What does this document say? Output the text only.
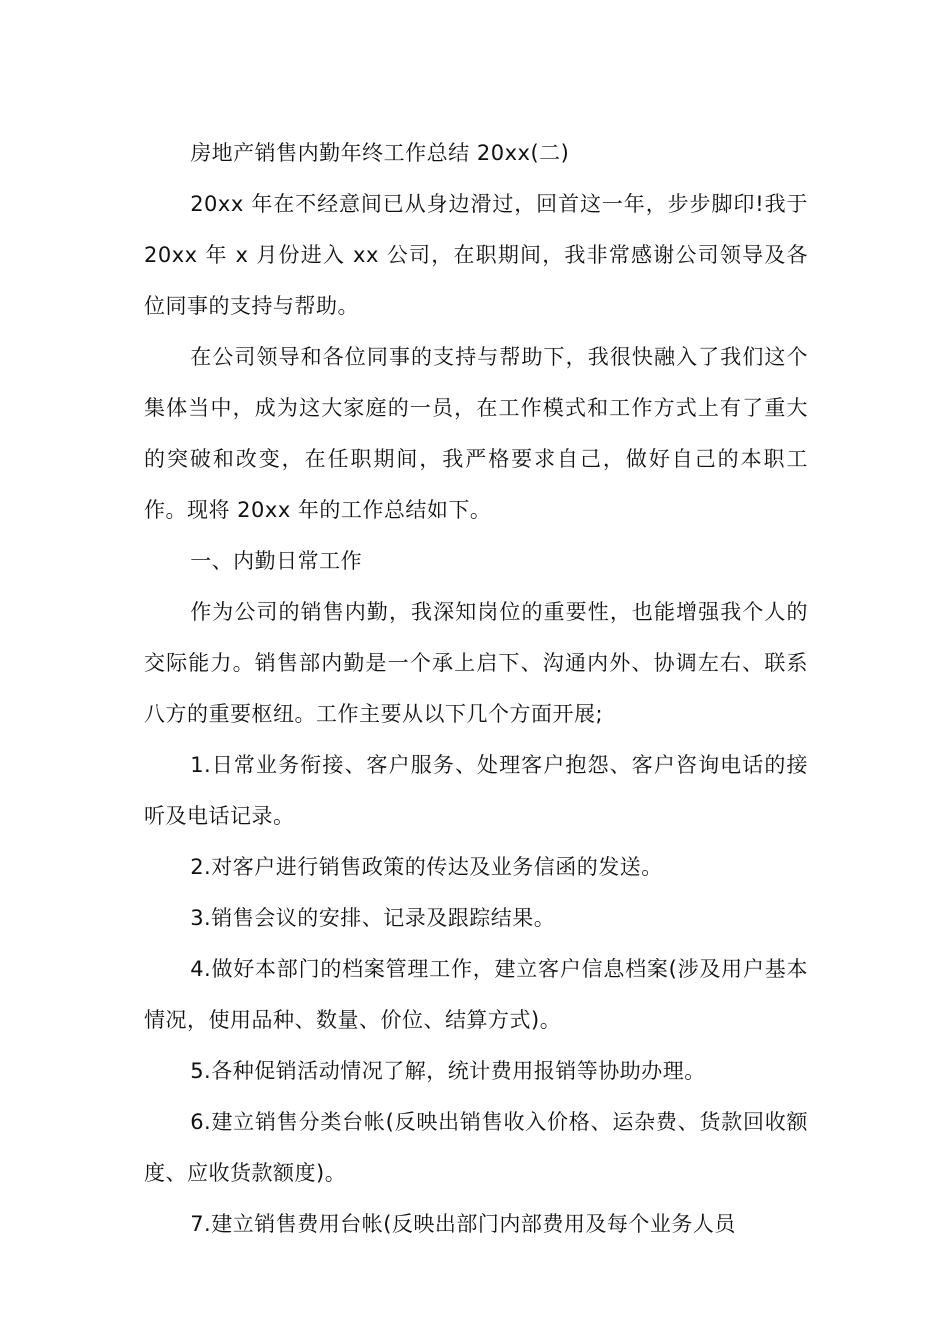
房地产销售内勤年终工作总结 20xx(二)

20xx 年在不经意间已从身边滑过，回首这一年，步步脚印!我于 20xx 年 x 月份进入 xx 公司，在职期间，我非常感谢公司领导及各位同事的支持与帮助。

在公司领导和各位同事的支持与帮助下，我很快融入了我们这个集体当中，成为这大家庭的一员，在工作模式和工作方式上有了重大的突破和改变，在任职期间，我严格要求自己，做好自己的本职工作。现将 20xx 年的工作总结如下。

一、内勤日常工作

作为公司的销售内勤，我深知岗位的重要性，也能增强我个人的交际能力。销售部内勤是一个承上启下、沟通内外、协调左右、联系八方的重要枢纽。工作主要从以下几个方面开展;

1.日常业务衔接、客户服务、处理客户抱怨、客户咨询电话的接听及电话记录。

2.对客户进行销售政策的传达及业务信函的发送。

3.销售会议的安排、记录及跟踪结果。

4.做好本部门的档案管理工作，建立客户信息档案(涉及用户基本情况，使用品种、数量、价位、结算方式)。

5.各种促销活动情况了解，统计费用报销等协助办理。

6.建立销售分类台帐(反映出销售收入价格、运杂费、货款回收额度、应收货款额度)。

7.建立销售费用台帐(反映出部门内部费用及每个业务人员
